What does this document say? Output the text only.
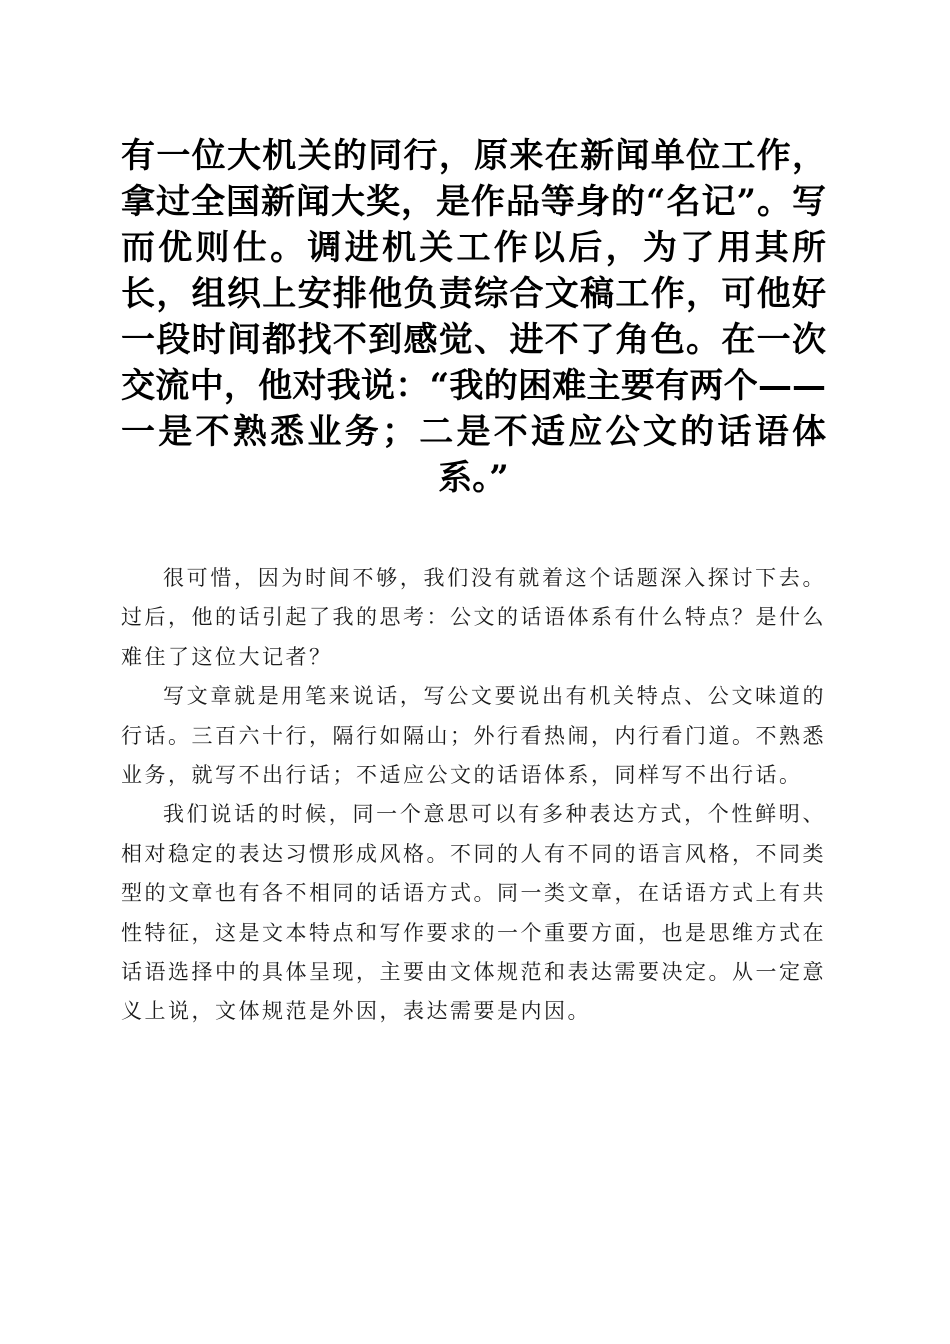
有一位大机关的同行，原来在新闻单位工作，拿过全国新闻大奖，是作品等身的“名记”。写而优则仕。调进机关工作以后，为了用其所长，组织上安排他负责综合文稿工作，可他好一段时间都找不到感觉、进不了角色。在一次交流中，他对我说：“我的困难主要有两个——一是不熟悉业务；二是不适应公文的话语体系。”

很可惜，因为时间不够，我们没有就着这个话题深入探讨下去。过后，他的话引起了我的思考：公文的话语体系有什么特点？是什么难住了这位大记者？

写文章就是用笔来说话，写公文要说出有机关特点、公文味道的行话。三百六十行，隔行如隔山；外行看热闹，内行看门道。不熟悉业务，就写不出行话；不适应公文的话语体系，同样写不出行话。

我们说话的时候，同一个意思可以有多种表达方式，个性鲜明、相对稳定的表达习惯形成风格。不同的人有不同的语言风格，不同类型的文章也有各不相同的话语方式。同一类文章，在话语方式上有共性特征，这是文本特点和写作要求的一个重要方面，也是思维方式在话语选择中的具体呈现，主要由文体规范和表达需要决定。从一定意义上说，文体规范是外因，表达需要是内因。
